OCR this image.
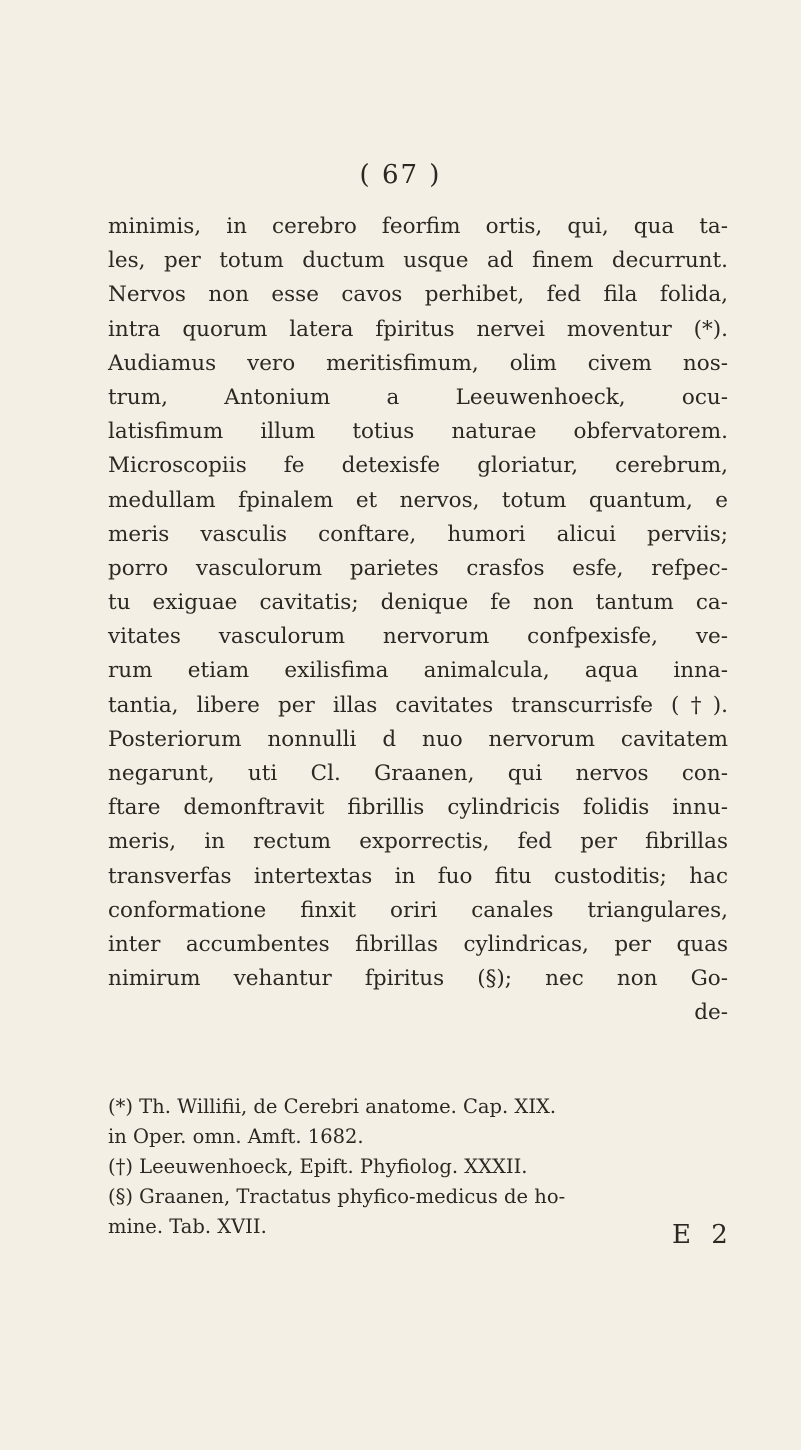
( 67 )
minimis, in cerebro feorfim ortis, qui, qua ta-
les, per totum ductum usque ad finem decurrunt.
Nervos non esse cavos perhibet, fed fila folida,
intra quorum latera fpiritus nervei moventur (*).
Audiamus vero meritisfimum, olim civem nos-
trum, Antonium a Leeuwenhoeck, ocu-
latisfimum illum totius naturae obfervatorem.
Microscopiis fe detexisfe gloriatur, cerebrum,
medullam fpinalem et nervos, totum quantum, e
meris vasculis conftare, humori alicui perviis;
porro vasculorum parietes crasfos esfe, refpec-
tu exiguae cavitatis; denique fe non tantum ca-
vitates vasculorum nervorum confpexisfe, ve-
rum etiam exilisfima animalcula, aqua inna-
tantia, libere per illas cavitates transcurrisfe (†).
Posteriorum nonnulli d nuo nervorum cavitatem
negarunt, uti Cl. Graanen, qui nervos con-
ftare demonftravit fibrillis cylindricis folidis innu-
meris, in rectum exporrectis, fed per fibrillas
transverfas intertextas in fuo fitu custoditis; hac
conformatione finxit oriri canales triangulares,
inter accumbentes fibrillas cylindricas, per quas
nimirum vehantur fpiritus (§); nec non Go-
de-
(*) Th. Willifii, de Cerebri anatome. Cap. XIX.
in Oper. omn. Amft. 1682.
(†) Leeuwenhoeck, Epift. Phyfiolog. XXXII.
(§) Graanen, Tractatus phyfico-medicus de ho-
mine. Tab. XVII.	E 2
